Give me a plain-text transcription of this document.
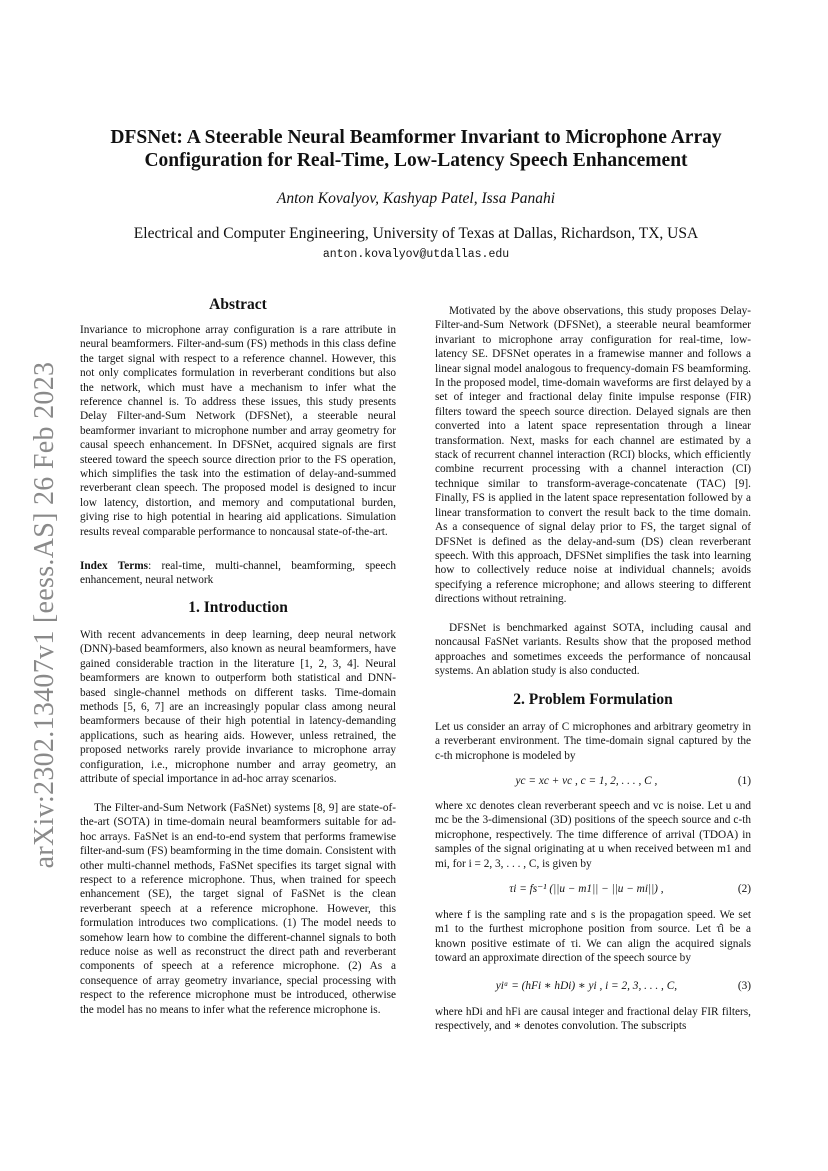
arXiv:2302.13407v1 [eess.AS] 26 Feb 2023
DFSNet: A Steerable Neural Beamformer Invariant to Microphone Array
Configuration for Real-Time, Low-Latency Speech Enhancement
Anton Kovalyov, Kashyap Patel, Issa Panahi
Electrical and Computer Engineering, University of Texas at Dallas, Richardson, TX, USA
anton.kovalyov@utdallas.edu
Abstract

Invariance to microphone array configuration is a rare attribute in neural beamformers. Filter-and-sum (FS) methods in this class define the target signal with respect to a reference channel. However, this not only complicates formulation in reverberant conditions but also the network, which must have a mechanism to infer what the reference channel is. To address these issues, this study presents Delay Filter-and-Sum Network (DFSNet), a steerable neural beamformer invariant to microphone number and array geometry for causal speech enhancement. In DFSNet, acquired signals are first steered toward the speech source direction prior to the FS operation, which simplifies the task into the estimation of delay-and-summed reverberant clean speech. The proposed model is designed to incur low latency, distortion, and memory and computational burden, giving rise to high potential in hearing aid applications. Simulation results reveal comparable performance to noncausal state-of-the-art.

Index Terms: real-time, multi-channel, beamforming, speech enhancement, neural network

1. Introduction

With recent advancements in deep learning, deep neural network (DNN)-based beamformers, also known as neural beamformers, have gained considerable traction in the literature [1, 2, 3, 4]. Neural beamformers are known to outperform both statistical and DNN-based single-channel methods on different tasks. Time-domain methods [5, 6, 7] are an increasingly popular class among neural beamformers because of their high potential in latency-demanding applications, such as hearing aids. However, unless retrained, the proposed networks rarely provide invariance to microphone array configuration, i.e., microphone number and array geometry, an attribute of special importance in ad-hoc array scenarios.

The Filter-and-Sum Network (FaSNet) systems [8, 9] are state-of-the-art (SOTA) in time-domain neural beamformers suitable for ad-hoc arrays. FaSNet is an end-to-end system that performs framewise filter-and-sum (FS) beamforming in the time domain. Consistent with other multi-channel methods, FaSNet specifies its target signal with respect to a reference microphone. Thus, when trained for speech enhancement (SE), the target signal of FaSNet is the clean reverberant speech at a reference microphone. However, this formulation introduces two complications. (1) The model needs to somehow learn how to combine the different-channel signals to both reduce noise as well as reconstruct the direct path and reverberant components of speech at a reference microphone. (2) As a consequence of array geometry invariance, special processing with respect to the reference microphone must be introduced, otherwise the model has no means to infer what the reference microphone is.

Motivated by the above observations, this study proposes Delay-Filter-and-Sum Network (DFSNet), a steerable neural beamformer invariant to microphone array configuration for real-time, low-latency SE. DFSNet operates in a framewise manner and follows a linear signal model analogous to frequency-domain FS beamforming. In the proposed model, time-domain waveforms are first delayed by a set of integer and fractional delay finite impulse response (FIR) filters toward the speech source direction. Delayed signals are then converted into a latent space representation through a linear transformation. Next, masks for each channel are estimated by a stack of recurrent channel interaction (RCI) blocks, which efficiently combine recurrent processing with a channel interaction (CI) technique similar to transform-average-concatenate (TAC) [9]. Finally, FS is applied in the latent space representation followed by a linear transformation to convert the result back to the time domain. As a consequence of signal delay prior to FS, the target signal of DFSNet is defined as the delay-and-sum (DS) clean reverberant speech. With this approach, DFSNet simplifies the task into learning how to collectively reduce noise at individual channels; avoids specifying a reference microphone; and allows steering to different directions without retraining.

DFSNet is benchmarked against SOTA, including causal and noncausal FaSNet variants. Results show that the proposed method approaches and sometimes exceeds the performance of noncausal systems. An ablation study is also conducted.

2. Problem Formulation

Let us consider an array of C microphones and arbitrary geometry in a reverberant environment. The time-domain signal captured by the c-th microphone is modeled by

yc = xc + vc , c = 1, 2, . . . , C ,	(1)

where xc denotes clean reverberant speech and vc is noise. Let u and mc be the 3-dimensional (3D) positions of the speech source and c-th microphone, respectively. The time difference of arrival (TDOA) in samples of the signal originating at u when received between m1 and mi, for i = 2, 3, . . . , C, is given by

τi = fs⁻¹ (||u − m1|| − ||u − mi||) ,	(2)

where f is the sampling rate and s is the propagation speed. We set m1 to the furthest microphone position from source. Let τ̂i be a known positive estimate of τi. We can align the acquired signals toward an approximate direction of the speech source by

yiᵅ = (hFi ∗ hDi) ∗ yi , i = 2, 3, . . . , C,	(3)

where hDi and hFi are causal integer and fractional delay FIR filters, respectively, and ∗ denotes convolution. The subscripts
